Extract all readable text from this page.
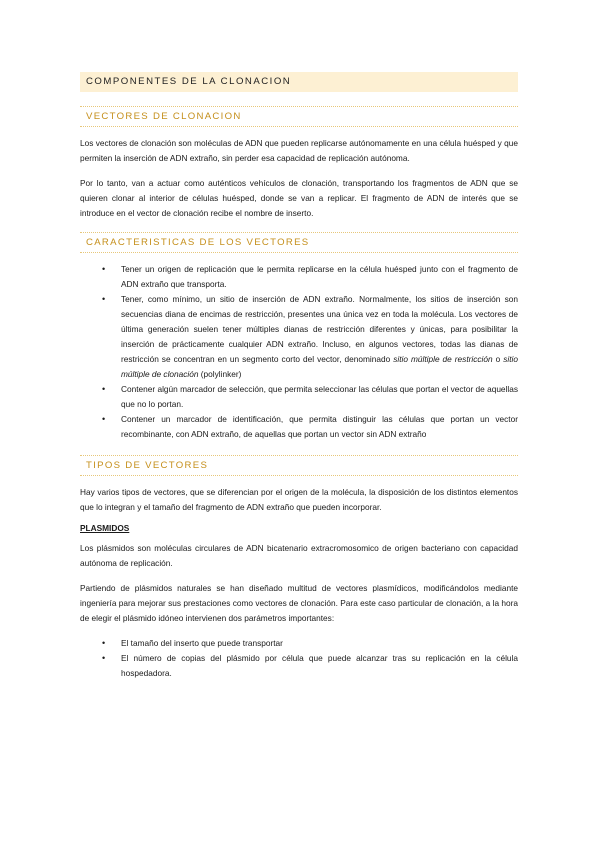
COMPONENTES DE LA CLONACION
VECTORES DE CLONACION

Los vectores de clonación son moléculas de ADN que pueden replicarse autónomamente en una célula huésped y que permiten la inserción de ADN extraño, sin perder esa capacidad de replicación autónoma.

Por lo tanto, van a actuar como auténticos vehículos de clonación, transportando los fragmentos de ADN que se quieren clonar al interior de células huésped, donde se van a replicar. El fragmento de ADN de interés que se introduce en el vector de clonación recibe el nombre de inserto.

CARACTERISTICAS DE LOS VECTORES
• Tener un origen de replicación que le permita replicarse en la célula huésped junto con el fragmento de ADN extraño que transporta.
• Tener, como mínimo, un sitio de inserción de ADN extraño. Normalmente, los sitios de inserción son secuencias diana de encimas de restricción, presentes una única vez en toda la molécula. Los vectores de última generación suelen tener múltiples dianas de restricción diferentes y únicas, para posibilitar la inserción de prácticamente cualquier ADN extraño. Incluso, en algunos vectores, todas las dianas de restricción se concentran en un segmento corto del vector, denominado sitio múltiple de restricción o sitio múltiple de clonación (polylinker)
• Contener algún marcador de selección, que permita seleccionar las células que portan el vector de aquellas que no lo portan.
• Contener un marcador de identificación, que permita distinguir las células que portan un vector recombinante, con ADN extraño, de aquellas que portan un vector sin ADN extraño
TIPOS DE VECTORES

Hay varios tipos de vectores, que se diferencian por el origen de la molécula, la disposición de los distintos elementos que lo integran y el tamaño del fragmento de ADN extraño que pueden incorporar.

PLASMIDOS

Los plásmidos son moléculas circulares de ADN bicatenario extracromosomico de origen bacteriano con capacidad autónoma de replicación.

Partiendo de plásmidos naturales se han diseñado multitud de vectores plasmídicos, modificándolos mediante ingeniería para mejorar sus prestaciones como vectores de clonación. Para este caso particular de clonación, a la hora de elegir el plásmido idóneo intervienen dos parámetros importantes:

• El tamaño del inserto que puede transportar
• El número de copias del plásmido por célula que puede alcanzar tras su replicación en la célula hospedadora.
